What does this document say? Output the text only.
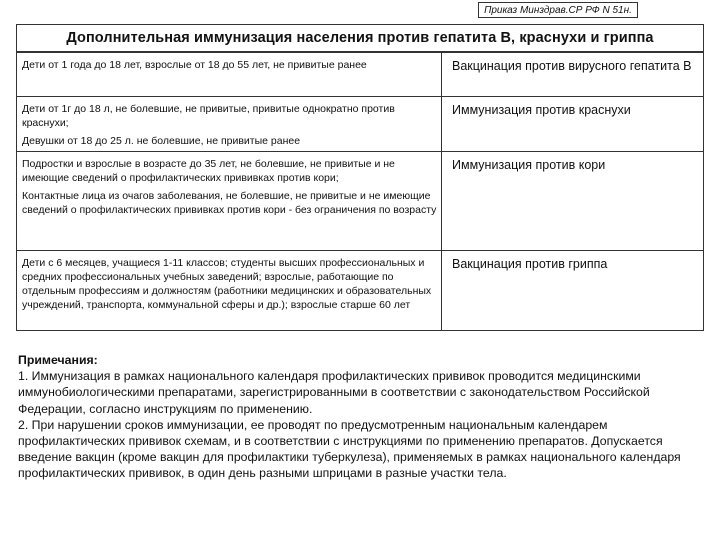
Приказ Минздрав.СР РФ N 51н.
Дополнительная иммунизация населения против гепатита В, краснухи и гриппа

Дети от 1 года до 18 лет, взрослые от 18 до 55 лет, не привитые ранее	Вакцинация против вирусного гепатита В

Дети от 1г до 18 л, не болевшие, не привитые, привитые однократно против краснухи;

Девушки от 18 до 25 л. не болевшие, не привитые ранее	Иммунизация против краснухи

Подростки и взрослые в возрасте до 35 лет, не болевшие, не привитые и не имеющие сведений о профилактических прививках против кори;

Контактные лица из очагов заболевания, не болевшие, не привитые и не имеющие сведений о профилактических прививках против кори - без ограничения по возрасту	Иммунизация против кори

Дети с 6 месяцев, учащиеся 1-11 классов; студенты высших профессиональных и средних профессиональных учебных заведений; взрослые, работающие по отдельным профессиям и должностям (работники медицинских и образовательных учреждений, транспорта, коммунальной сферы и др.); взрослые старше 60 лет	Вакцинация против гриппа

Примечания:

1. Иммунизация в рамках национального календаря профилактических прививок проводится медицинскими иммунобиологическими препаратами, зарегистрированными в соответствии с законодательством Российской Федерации, согласно инструкциям по применению.

2. При нарушении сроков иммунизации, ее проводят по предусмотренным национальным календарем профилактических прививок схемам, и в соответствии с инструкциями по применению препаратов. Допускается введение вакцин (кроме вакцин для профилактики туберкулеза), применяемых в рамках национального календаря профилактических прививок, в один день разными шприцами в разные участки тела.
